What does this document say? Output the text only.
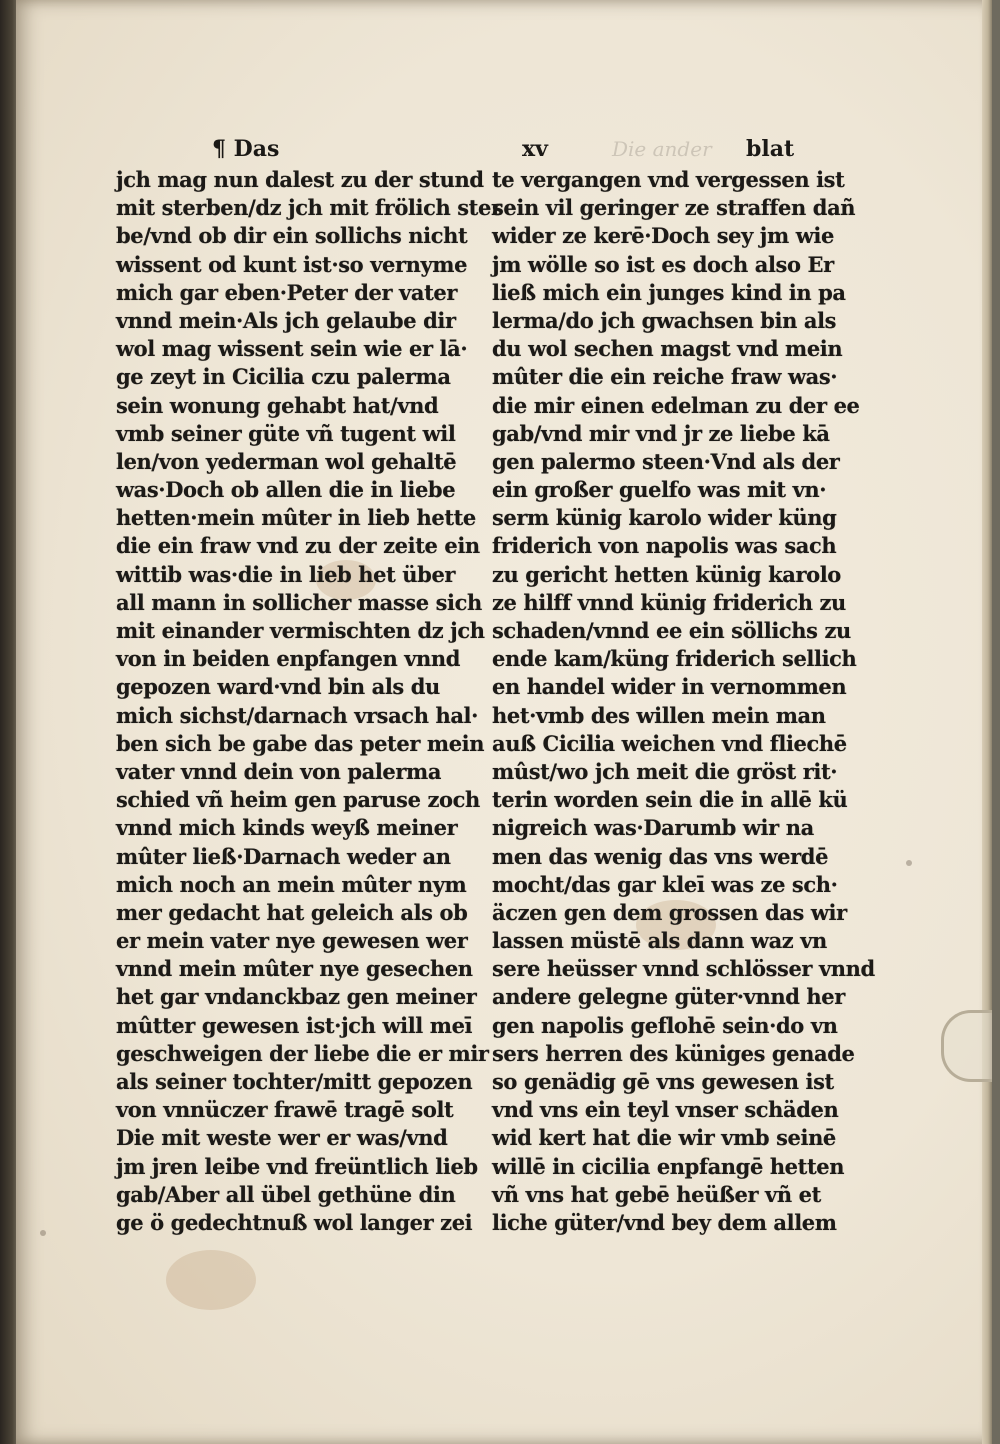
¶ Das	xv	Die ander blat
jch mag nun dalest zu der stund
mit sterben/dz jch mit frölich ster
be/vnd ob dir ein sollichs nicht
wissent od kunt ist·so vernyme
mich gar eben·Peter der vater
vnnd mein·Als jch gelaube dir
wol mag wissent sein wie er lā·
ge zeyt in Cicilia czu palerma
sein wonung gehabt hat/vnd
vmb seiner güte vñ tugent wil
len/von yederman wol gehaltē
was·Doch ob allen die in liebe
hetten·mein mûter in lieb hette
die ein fraw vnd zu der zeite ein
wittib was·die in lieb het über
all mann in sollicher masse sich
mit einander vermischten dz jch
von in beiden enpfangen vnnd
gepozen ward·vnd bin als du
mich sichst/darnach vrsach hal·
ben sich be gabe das peter mein
vater vnnd dein von palerma
schied vñ heim gen paruse zoch
vnnd mich kinds weyß meiner
mûter ließ·Darnach weder an
mich noch an mein mûter nym
mer gedacht hat geleich als ob
er mein vater nye gewesen wer
vnnd mein mûter nye gesechen
het gar vndanckbaz gen meiner
mûtter gewesen ist·jch will meī
geschweigen der liebe die er mir
als seiner tochter/mitt gepozen
von vnnüczer frawē tragē solt
Die mit weste wer er was/vnd
jm jren leibe vnd freüntlich lieb
gab/Aber all übel gethüne din
ge ö gedechtnuß wol langer zei
te vergangen vnd vergessen ist
sein vil geringer ze straffen dañ
wider ze kerē·Doch sey jm wie
jm wölle so ist es doch also Er
ließ mich ein junges kind in pa
lerma/do jch gwachsen bin als
du wol sechen magst vnd mein
mûter die ein reiche fraw was·
die mir einen edelman zu der ee
gab/vnd mir vnd jr ze liebe kā
gen palermo steen·Vnd als der
ein großer guelfo was mit vn·
serm künig karolo wider küng
friderich von napolis was sach
zu gericht hetten künig karolo
ze hilff vnnd künig friderich zu
schaden/vnnd ee ein söllichs zu
ende kam/küng friderich sellich
en handel wider in vernommen
het·vmb des willen mein man
auß Cicilia weichen vnd fliechē
mûst/wo jch meit die gröst rit·
terin worden sein die in allē kü
nigreich was·Darumb wir na
men das wenig das vns werdē
mocht/das gar kleī was ze sch·
äczen gen dem grossen das wir
lassen müstē als dann waz vn
sere heüsser vnnd schlösser vnnd
andere gelegne güter·vnnd her
gen napolis geflohē sein·do vn
sers herren des küniges genade
so genädig gē vns gewesen ist
vnd vns ein teyl vnser schäden
wid kert hat die wir vmb seinē
willē in cicilia enpfangē hetten
vñ vns hat gebē heüßer vñ et
liche güter/vnd bey dem allem
